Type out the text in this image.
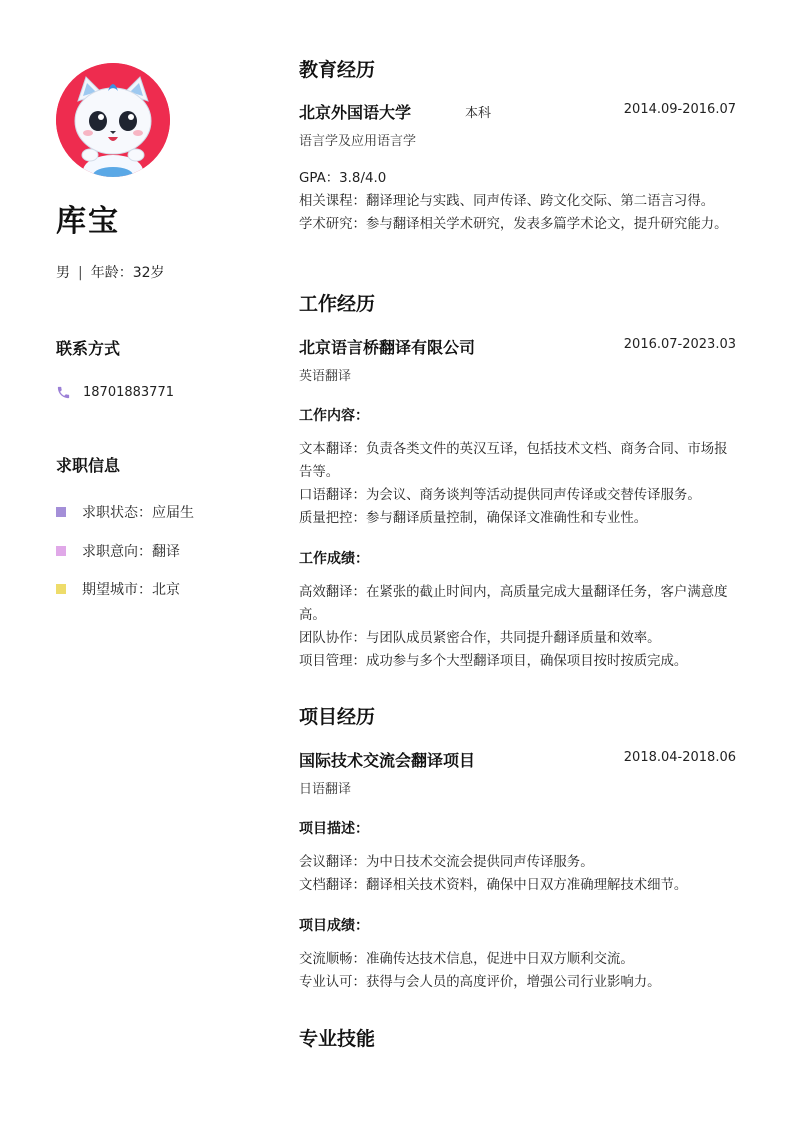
库宝
男 | 年龄：32岁
联系方式
18701883771
求职信息
求职状态：应届生
求职意向：翻译
期望城市：北京
教育经历
北京外国语大学	本科	2014.09-2016.07
语言学及应用语言学
GPA：3.8/4.0
相关课程：翻译理论与实践、同声传译、跨文化交际、第二语言习得。
学术研究：参与翻译相关学术研究，发表多篇学术论文，提升研究能力。
工作经历
北京语言桥翻译有限公司	2016.07-2023.03
英语翻译
工作内容：
文本翻译：负责各类文件的英汉互译，包括技术文档、商务合同、市场报告等。
口语翻译：为会议、商务谈判等活动提供同声传译或交替传译服务。
质量把控：参与翻译质量控制，确保译文准确性和专业性。
工作成绩：
高效翻译：在紧张的截止时间内，高质量完成大量翻译任务，客户满意度高。
团队协作：与团队成员紧密合作，共同提升翻译质量和效率。
项目管理：成功参与多个大型翻译项目，确保项目按时按质完成。
项目经历
国际技术交流会翻译项目	2018.04-2018.06
日语翻译
项目描述：
会议翻译：为中日技术交流会提供同声传译服务。
文档翻译：翻译相关技术资料，确保中日双方准确理解技术细节。
项目成绩：
交流顺畅：准确传达技术信息，促进中日双方顺利交流。
专业认可：获得与会人员的高度评价，增强公司行业影响力。
专业技能
